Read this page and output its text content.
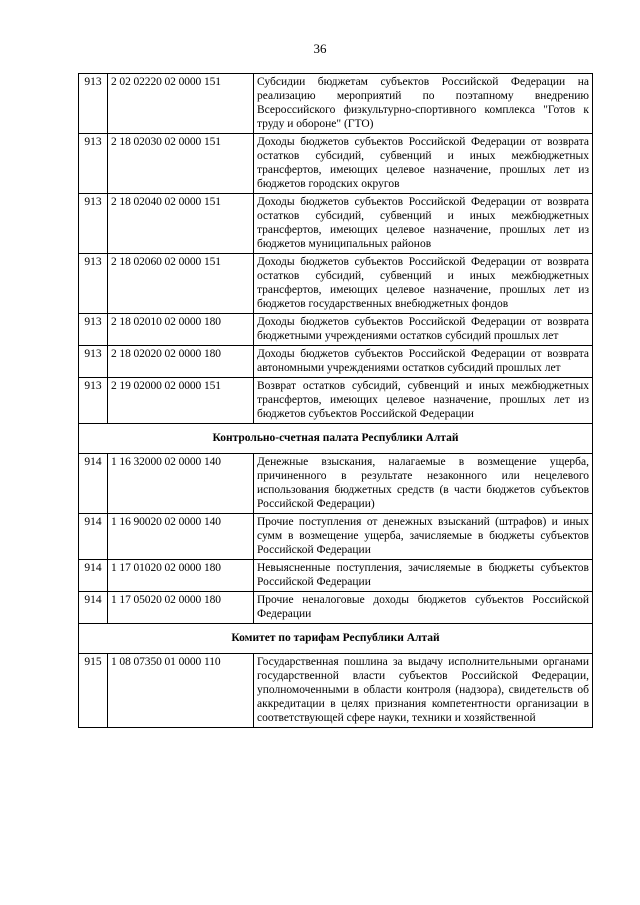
36
913	2 02 02220 02 0000 151	Субсидии бюджетам субъектов Российской Федерации на реализацию мероприятий по поэтапному внедрению Всероссийского физкультурно-спортивного комплекса "Готов к труду и обороне" (ГТО)
913	2 18 02030 02 0000 151	Доходы бюджетов субъектов Российской Федерации от возврата остатков субсидий, субвенций и иных межбюджетных трансфертов, имеющих целевое назначение, прошлых лет из бюджетов городских округов
913	2 18 02040 02 0000 151	Доходы бюджетов субъектов Российской Федерации от возврата остатков субсидий, субвенций и иных межбюджетных трансфертов, имеющих целевое назначение, прошлых лет из бюджетов муниципальных районов
913	2 18 02060 02 0000 151	Доходы бюджетов субъектов Российской Федерации от возврата остатков субсидий, субвенций и иных межбюджетных трансфертов, имеющих целевое назначение, прошлых лет из бюджетов государственных внебюджетных фондов
913	2 18 02010 02 0000 180	Доходы бюджетов субъектов Российской Федерации от возврата бюджетными учреждениями остатков субсидий прошлых лет
913	2 18 02020 02 0000 180	Доходы бюджетов субъектов Российской Федерации от возврата автономными учреждениями остатков субсидий прошлых лет
913	2 19 02000 02 0000 151	Возврат остатков субсидий, субвенций и иных межбюджетных трансфертов, имеющих целевое назначение, прошлых лет из бюджетов субъектов Российской Федерации
Контрольно-счетная палата Республики Алтай		
914	1 16 32000 02 0000 140	Денежные взыскания, налагаемые в возмещение ущерба, причиненного в результате незаконного или нецелевого использования бюджетных средств (в части бюджетов субъектов Российской Федерации)
914	1 16 90020 02 0000 140	Прочие поступления от денежных взысканий (штрафов) и иных сумм в возмещение ущерба, зачисляемые в бюджеты субъектов Российской Федерации
914	1 17 01020 02 0000 180	Невыясненные поступления, зачисляемые в бюджеты субъектов Российской Федерации
914	1 17 05020 02 0000 180	Прочие неналоговые доходы бюджетов субъектов Российской Федерации
Комитет по тарифам Республики Алтай		
915	1 08 07350 01 0000 110	Государственная пошлина за выдачу исполнительными органами государственной власти субъектов Российской Федерации, уполномоченными в области контроля (надзора), свидетельств об аккредитации в целях признания компетентности организации в соответствующей сфере науки, техники и хозяйственной
